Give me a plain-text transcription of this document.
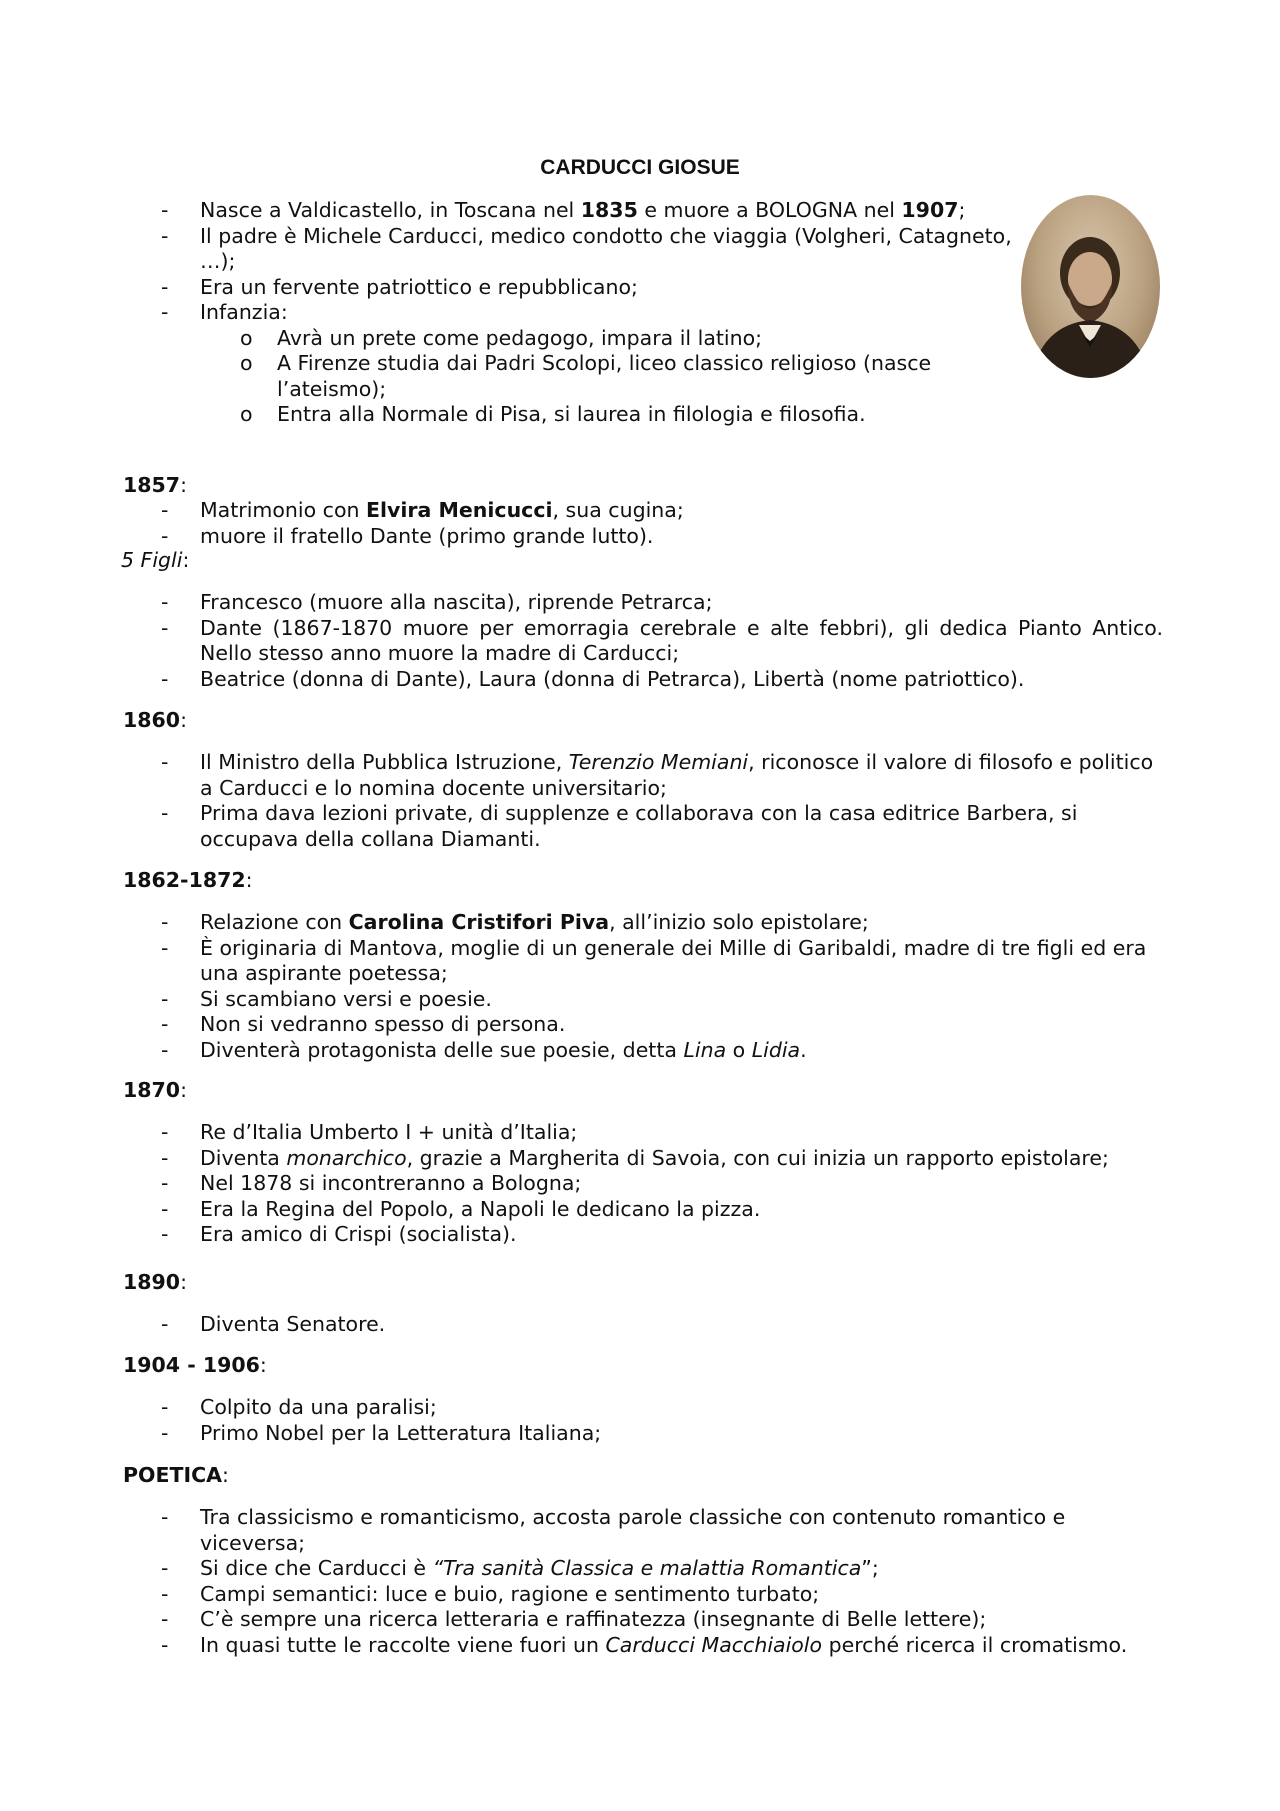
CARDUCCI GIOSUE
- Nasce a Valdicastello, in Toscana nel 1835 e muore a BOLOGNA nel 1907;
- Il padre è Michele Carducci, medico condotto che viaggia (Volgheri, Catagneto, …);
- Era un fervente patriottico e repubblicano;
- Infanzia:
o Avrà un prete come pedagogo, impara il latino;
o A Firenze studia dai Padri Scolopi, liceo classico religioso (nasce l’ateismo);
o Entra alla Normale di Pisa, si laurea in filologia e filosofia.
1857:
- Matrimonio con Elvira Menicucci, sua cugina;
- muore il fratello Dante (primo grande lutto).
5 Figli:
- Francesco (muore alla nascita), riprende Petrarca;
- Dante (1867-1870 muore per emorragia cerebrale e alte febbri), gli dedica Pianto Antico. Nello stesso anno muore la madre di Carducci;
- Beatrice (donna di Dante), Laura (donna di Petrarca), Libertà (nome patriottico).
1860:
- Il Ministro della Pubblica Istruzione, Terenzio Memiani, riconosce il valore di filosofo e politico a Carducci e lo nomina docente universitario;
- Prima dava lezioni private, di supplenze e collaborava con la casa editrice Barbera, si occupava della collana Diamanti.
1862-1872:
- Relazione con Carolina Cristifori Piva, all’inizio solo epistolare;
- È originaria di Mantova, moglie di un generale dei Mille di Garibaldi, madre di tre figli ed era una aspirante poetessa;
- Si scambiano versi e poesie.
- Non si vedranno spesso di persona.
- Diventerà protagonista delle sue poesie, detta Lina o Lidia.
1870:
- Re d’Italia Umberto I + unità d’Italia;
- Diventa monarchico, grazie a Margherita di Savoia, con cui inizia un rapporto epistolare;
- Nel 1878 si incontreranno a Bologna;
- Era la Regina del Popolo, a Napoli le dedicano la pizza.
- Era amico di Crispi (socialista).
1890:
- Diventa Senatore.
1904 - 1906:
- Colpito da una paralisi;
- Primo Nobel per la Letteratura Italiana;
POETICA:
- Tra classicismo e romanticismo, accosta parole classiche con contenuto romantico e viceversa;
- Si dice che Carducci è “Tra sanità Classica e malattia Romantica”;
- Campi semantici: luce e buio, ragione e sentimento turbato;
- C’è sempre una ricerca letteraria e raffinatezza (insegnante di Belle lettere);
- In quasi tutte le raccolte viene fuori un Carducci Macchiaiolo perché ricerca il cromatismo.
